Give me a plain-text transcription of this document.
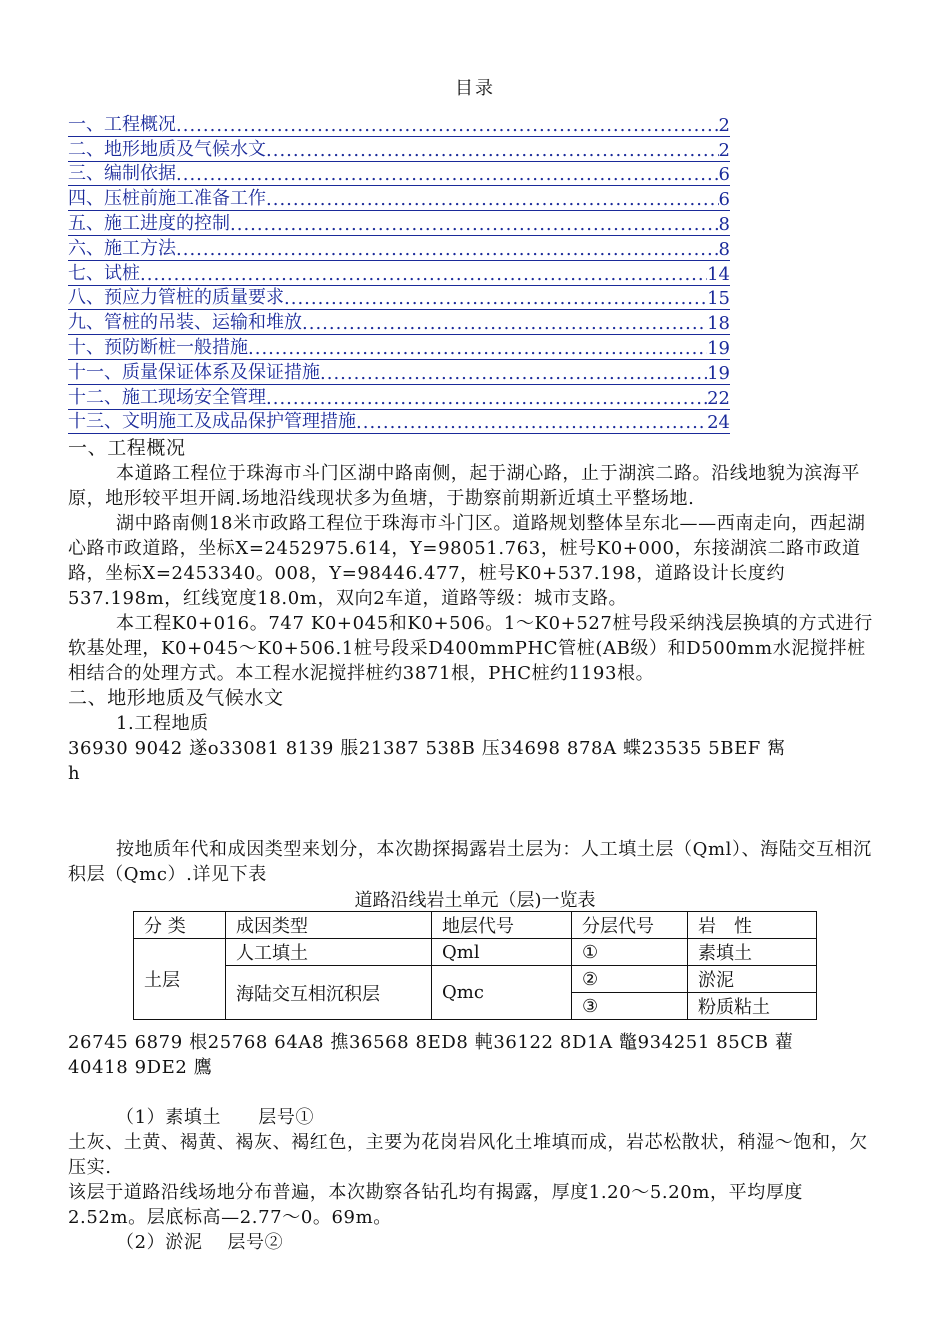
目录
一、工程概况 .....	2
二、地形地质及气候水文 .....	2
三、编制依据 .....	6
四、压桩前施工准备工作 .....	6
五、施工进度的控制 .....	8
六、施工方法 .....	8
七、试桩 .....	14
八、预应力管桩的质量要求 .....	15
九、管桩的吊装、运输和堆放 .....	18
十、预防断桩一般措施 .....	19
十一、质量保证体系及保证措施 .....	19
十二、施工现场安全管理 .....	22
十三、文明施工及成品保护管理措施 .....	24
一、工程概况
本道路工程位于珠海市斗门区湖中路南侧，起于湖心路，止于湖滨二路。沿线地貌为滨海平原，地形较平坦开阔.场地沿线现状多为鱼塘，于勘察前期新近填土平整场地.
湖中路南侧18米市政路工程位于珠海市斗门区。道路规划整体呈东北——西南走向，西起湖心路市政道路，坐标X=2452975.614，Y=98051.763，桩号K0+000，东接湖滨二路市政道路，坐标X=2453340。008，Y=98446.477，桩号K0+537.198，道路设计长度约537.198m，红线宽度18.0m，双向2车道，道路等级：城市支路。
本工程K0+016。747 K0+045和K0+506。1～K0+527桩号段采纳浅层换填的方式进行软基处理，K0+045～K0+506.1桩号段采D400mmPHC管桩(AB级）和D500mm水泥搅拌桩相结合的处理方式。本工程水泥搅拌桩约3871根，PHC桩约1193根。
二、地形地质及气候水文
1.工程地质
36930 9042 遂o33081 8139 脹21387 538B 压34698 878A 蝶23535 5BEF 寯
h
按地质年代和成因类型来划分，本次勘探揭露岩土层为：人工填土层（Qml）、海陆交互相沉积层（Qmc）.详见下表
道路沿线岩土单元（层)一览表
分 类	成因类型	地层代号	分层代号	岩　性
土层	人工填土	Qml	①	素填土
	海陆交互相沉积层	Qmc	②	淤泥
			③	粉质粘土
26745 6879 根25768 64A8 撨36568 8ED8 軘36122 8D1A 鼈934251 85CB 藋
40418 9DE2 鷹
（1）素填土　　层号①
土灰、土黄、褐黄、褐灰、褐红色，主要为花岗岩风化土堆填而成，岩芯松散状，稍湿～饱和，欠压实.
该层于道路沿线场地分布普遍，本次勘察各钻孔均有揭露，厚度1.20～5.20m，平均厚度2.52m。层底标高—2.77～0。69m。
（2）淤泥　 层号②
